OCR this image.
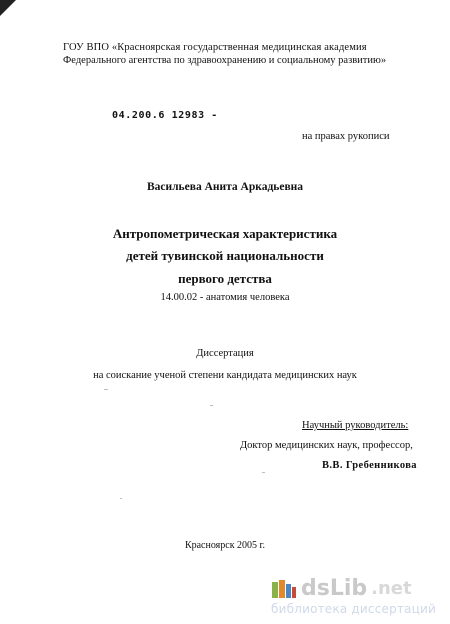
ГОУ ВПО «Красноярская государственная медицинская академия
Федерального агентства по здравоохранению и социальному развитию»
04.200.6 12983 -
на правах рукописи
Васильева Анита Аркадьевна
Антропометрическая характеристика
детей тувинской национальности
первого детства
14.00.02 - анатомия человека
Диссертация
на соискание ученой степени кандидата медицинских наук
Научный руководитель:
Доктор медицинских наук, профессор,
В.В. Гребенникова
Красноярск 2005 г.
dsLib .net
библиотека диссертаций
